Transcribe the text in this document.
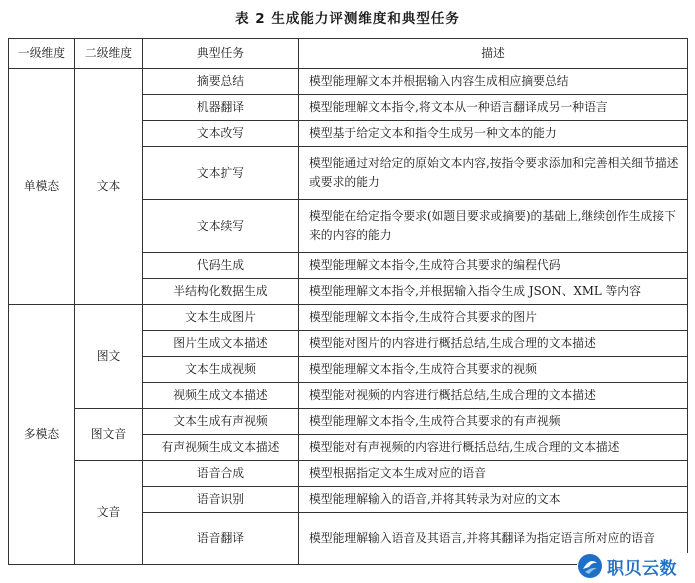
表 2 生成能力评测维度和典型任务
一级维度	二级维度	典型任务	描述
单模态	文本	摘要总结	模型能理解文本并根据输入内容生成相应摘要总结
		机器翻译	模型能理解文本指令,将文本从一种语言翻译成另一种语言
		文本改写	模型基于给定文本和指令生成另一种文本的能力
		文本扩写	模型能通过对给定的原始文本内容,按指令要求添加和完善相关细节描述或要求的能力
		文本续写	模型能在给定指令要求(如题目要求或摘要)的基础上,继续创作生成接下来的内容的能力
		代码生成	模型能理解文本指令,生成符合其要求的编程代码
		半结构化数据生成	模型能理解文本指令,并根据输入指令生成 JSON、XML 等内容
多模态	图文	文本生成图片	模型能理解文本指令,生成符合其要求的图片
		图片生成文本描述	模型能对图片的内容进行概括总结,生成合理的文本描述
		文本生成视频	模型能理解文本指令,生成符合其要求的视频
		视频生成文本描述	模型能对视频的内容进行概括总结,生成合理的文本描述
	图文音	文本生成有声视频	模型能理解文本指令,生成符合其要求的有声视频
		有声视频生成文本描述	模型能对有声视频的内容进行概括总结,生成合理的文本描述
	文音	语音合成	模型根据指定文本生成对应的语音
		语音识别	模型能理解输入的语音,并将其转录为对应的文本
		语音翻译	模型能理解输入语音及其语言,并将其翻译为指定语言所对应的语音
职贝云数
